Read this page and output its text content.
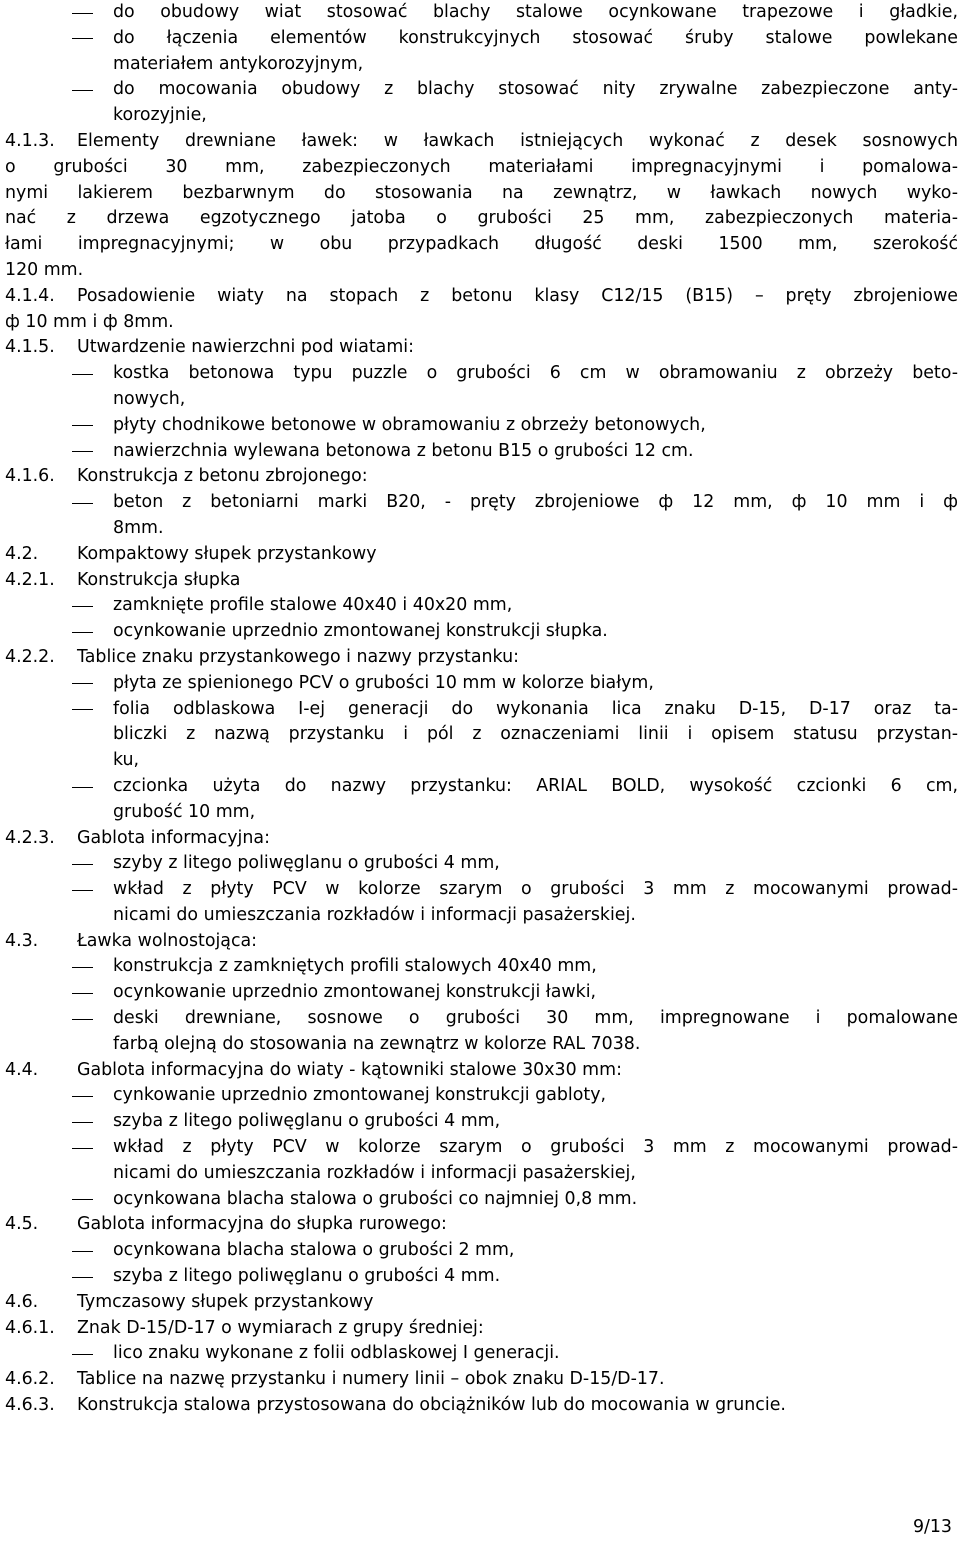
do obudowy wiat stosować blachy stalowe ocynkowane trapezowe i gładkie,
do łączenia elementów konstrukcyjnych stosować śruby stalowe powlekane
materiałem antykorozyjnym,
do mocowania obudowy z blachy stosować nity zrywalne zabezpieczone anty-
korozyjnie,
4.1.3. Elementy drewniane ławek: w ławkach istniejących wykonać z desek sosnowych
o grubości 30 mm, zabezpieczonych materiałami impregnacyjnymi i pomalowa-
nymi lakierem bezbarwnym do stosowania na zewnątrz, w ławkach nowych wyko-
nać z drzewa egzotycznego jatoba o grubości 25 mm, zabezpieczonych materia-
łami impregnacyjnymi; w obu przypadkach długość deski 1500 mm, szerokość
120 mm.
4.1.4. Posadowienie wiaty na stopach z betonu klasy C12/15 (B15) – pręty zbrojeniowe
ф 10 mm i ф 8mm.
4.1.5. Utwardzenie nawierzchni pod wiatami:
kostka betonowa typu puzzle o grubości 6 cm w obramowaniu z obrzeży beto-
nowych,
płyty chodnikowe betonowe w obramowaniu z obrzeży betonowych,
nawierzchnia wylewana betonowa z betonu B15 o grubości 12 cm.
4.1.6. Konstrukcja z betonu zbrojonego:
beton z betoniarni marki B20, - pręty zbrojeniowe ф 12 mm, ф 10 mm i ф
8mm.
4.2. Kompaktowy słupek przystankowy
4.2.1. Konstrukcja słupka
zamknięte profile stalowe 40x40 i 40x20 mm,
ocynkowanie uprzednio zmontowanej konstrukcji słupka.
4.2.2. Tablice znaku przystankowego i nazwy przystanku:
płyta ze spienionego PCV o grubości 10 mm w kolorze białym,
folia odblaskowa I-ej generacji do wykonania lica znaku D-15, D-17 oraz ta-
bliczki z nazwą przystanku i pól z oznaczeniami linii i opisem statusu przystan-
ku,
czcionka użyta do nazwy przystanku: ARIAL BOLD, wysokość czcionki 6 cm,
grubość 10 mm,
4.2.3. Gablota informacyjna:
szyby z litego poliwęglanu o grubości 4 mm,
wkład z płyty PCV w kolorze szarym o grubości 3 mm z mocowanymi prowad-
nicami do umieszczania rozkładów i informacji pasażerskiej.
4.3. Ławka wolnostojąca:
konstrukcja z zamkniętych profili stalowych 40x40 mm,
ocynkowanie uprzednio zmontowanej konstrukcji ławki,
deski drewniane, sosnowe o grubości 30 mm, impregnowane i pomalowane
farbą olejną do stosowania na zewnątrz w kolorze RAL 7038.
4.4. Gablota informacyjna do wiaty - kątowniki stalowe 30x30 mm:
cynkowanie uprzednio zmontowanej konstrukcji gabloty,
szyba z litego poliwęglanu o grubości 4 mm,
wkład z płyty PCV w kolorze szarym o grubości 3 mm z mocowanymi prowad-
nicami do umieszczania rozkładów i informacji pasażerskiej,
ocynkowana blacha stalowa o grubości co najmniej 0,8 mm.
4.5. Gablota informacyjna do słupka rurowego:
ocynkowana blacha stalowa o grubości 2 mm,
szyba z litego poliwęglanu o grubości 4 mm.
4.6. Tymczasowy słupek przystankowy
4.6.1. Znak D-15/D-17 o wymiarach z grupy średniej:
lico znaku wykonane z folii odblaskowej I generacji.
4.6.2. Tablice na nazwę przystanku i numery linii – obok znaku D-15/D-17.
4.6.3. Konstrukcja stalowa przystosowana do obciążników lub do mocowania w gruncie.
9/13
